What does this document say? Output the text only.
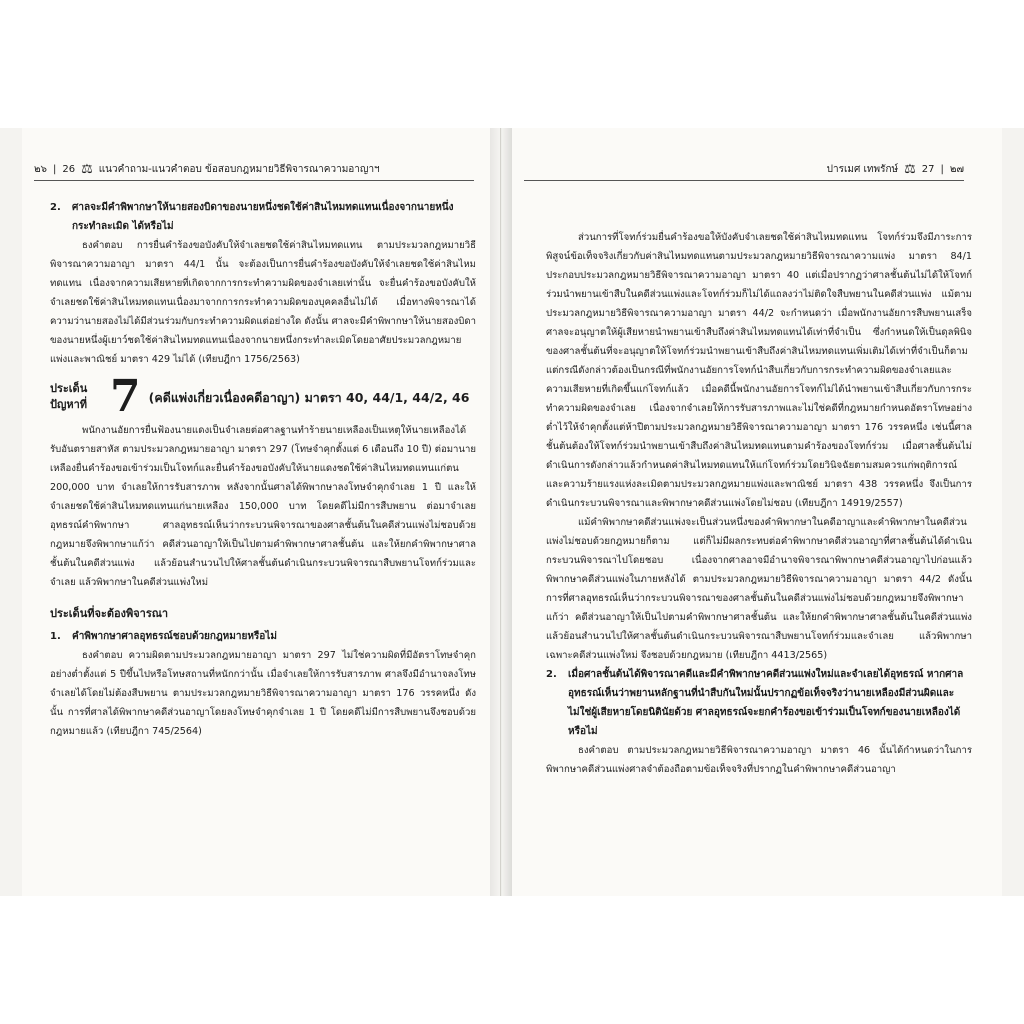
๒๖ | 26 ⚖ แนวคำถาม-แนวคำตอบ ข้อสอบกฎหมายวิธีพิจารณาความอาญาฯ
2.	ศาลจะมีคำพิพากษาให้นายสองบิดาของนายหนึ่งชดใช้ค่าสินไหมทดแทนเนื่องจากนายหนึ่งกระทำละเมิด ได้หรือไม่

ธงคำตอบ การยื่นคำร้องขอบังคับให้จำเลยชดใช้ค่าสินไหมทดแทน ตามประมวลกฎหมายวิธีพิจารณาความอาญา มาตรา 44/1 นั้น จะต้องเป็นการยื่นคำร้องขอบังคับให้จำเลยชดใช้ค่าสินไหมทดแทน เนื่องจากความเสียหายที่เกิดจากการกระทำความผิดของจำเลยเท่านั้น จะยื่นคำร้องขอบังคับให้จำเลยชดใช้ค่าสินไหมทดแทนเนื่องมาจากการกระทำความผิดของบุคคลอื่นไม่ได้ เมื่อทางพิจารณาได้ความว่านายสองไม่ได้มีส่วนร่วมกับกระทำความผิดแต่อย่างใด ดังนั้น ศาลจะมีคำพิพากษาให้นายสองบิดาของนายหนึ่งผู้เยาว์ชดใช้ค่าสินไหมทดแทนเนื่องจากนายหนึ่งกระทำละเมิดโดยอาศัยประมวลกฎหมายแพ่งและพาณิชย์ มาตรา 429 ไม่ได้ (เทียบฎีกา 1756/2563)

ประเด็น
ปัญหาที่ 7 (คดีแพ่งเกี่ยวเนื่องคดีอาญา) มาตรา 40, 44/1, 44/2, 46

พนักงานอัยการยื่นฟ้องนายแดงเป็นจำเลยต่อศาลฐานทำร้ายนายเหลืองเป็นเหตุให้นายเหลืองได้รับอันตรายสาหัส ตามประมวลกฎหมายอาญา มาตรา 297 (โทษจำคุกตั้งแต่ 6 เดือนถึง 10 ปี) ต่อมานายเหลืองยื่นคำร้องขอเข้าร่วมเป็นโจทก์และยื่นคำร้องขอบังคับให้นายแดงชดใช้ค่าสินไหมทดแทนแก่ตน 200,000 บาท จำเลยให้การรับสารภาพ หลังจากนั้นศาลได้พิพากษาลงโทษจำคุกจำเลย 1 ปี และให้จำเลยชดใช้ค่าสินไหมทดแทนแก่นายเหลือง 150,000 บาท โดยคดีไม่มีการสืบพยาน ต่อมาจำเลยอุทธรณ์คำพิพากษา ศาลอุทธรณ์เห็นว่ากระบวนพิจารณาของศาลชั้นต้นในคดีส่วนแพ่งไม่ชอบด้วยกฎหมายจึงพิพากษาแก้ว่า คดีส่วนอาญาให้เป็นไปตามคำพิพากษาศาลชั้นต้น และให้ยกคำพิพากษาศาลชั้นต้นในคดีส่วนแพ่ง แล้วย้อนสำนวนไปให้ศาลชั้นต้นดำเนินกระบวนพิจารณาสืบพยานโจทก์ร่วมและจำเลย แล้วพิพากษาในคดีส่วนแพ่งใหม่

ประเด็นที่จะต้องพิจารณา
1.	คำพิพากษาศาลอุทธรณ์ชอบด้วยกฎหมายหรือไม่

ธงคำตอบ ความผิดตามประมวลกฎหมายอาญา มาตรา 297 ไม่ใช่ความผิดที่มีอัตราโทษจำคุกอย่างต่ำตั้งแต่ 5 ปีขึ้นไปหรือโทษสถานที่หนักกว่านั้น เมื่อจำเลยให้การรับสารภาพ ศาลจึงมีอำนาจลงโทษจำเลยได้โดยไม่ต้องสืบพยาน ตามประมวลกฎหมายวิธีพิจารณาความอาญา มาตรา 176 วรรคหนึ่ง ดังนั้น การที่ศาลได้พิพากษาคดีส่วนอาญาโดยลงโทษจำคุกจำเลย 1 ปี โดยคดีไม่มีการสืบพยานจึงชอบด้วยกฎหมายแล้ว (เทียบฎีกา 745/2564)

ปารเมศ เทพรักษ์ ⚖ 27 | ๒๗

ส่วนการที่โจทก์ร่วมยื่นคำร้องขอให้บังคับจำเลยชดใช้ค่าสินไหมทดแทน โจทก์ร่วมจึงมีภาระการพิสูจน์ข้อเท็จจริงเกี่ยวกับค่าสินไหมทดแทนตามประมวลกฎหมายวิธีพิจารณาความแพ่ง มาตรา 84/1 ประกอบประมวลกฎหมายวิธีพิจารณาความอาญา มาตรา 40 แต่เมื่อปรากฏว่าศาลชั้นต้นไม่ได้ให้โจทก์ร่วมนำพยานเข้าสืบในคดีส่วนแพ่งและโจทก์ร่วมก็ไม่ได้แถลงว่าไม่ติดใจสืบพยานในคดีส่วนแพ่ง แม้ตามประมวลกฎหมายวิธีพิจารณาความอาญา มาตรา 44/2 จะกำหนดว่า เมื่อพนักงานอัยการสืบพยานเสร็จ ศาลจะอนุญาตให้ผู้เสียหายนำพยานเข้าสืบถึงค่าสินไหมทดแทนได้เท่าที่จำเป็น ซึ่งกำหนดให้เป็นดุลพินิจของศาลชั้นต้นที่จะอนุญาตให้โจทก์ร่วมนำพยานเข้าสืบถึงค่าสินไหมทดแทนเพิ่มเติมได้เท่าที่จำเป็นก็ตาม แต่กรณีดังกล่าวต้องเป็นกรณีที่พนักงานอัยการโจทก์นำสืบเกี่ยวกับการกระทำความผิดของจำเลยและความเสียหายที่เกิดขึ้นแก่โจทก์แล้ว เมื่อคดีนี้พนักงานอัยการโจทก์ไม่ได้นำพยานเข้าสืบเกี่ยวกับการกระทำความผิดของจำเลย เนื่องจากจำเลยให้การรับสารภาพและไม่ใช่คดีที่กฎหมายกำหนดอัตราโทษอย่างต่ำไว้ให้จำคุกตั้งแต่ห้าปีตามประมวลกฎหมายวิธีพิจารณาความอาญา มาตรา 176 วรรคหนึ่ง เช่นนี้ศาลชั้นต้นต้องให้โจทก์ร่วมนำพยานเข้าสืบถึงค่าสินไหมทดแทนตามคำร้องของโจทก์ร่วม เมื่อศาลชั้นต้นไม่ดำเนินการดังกล่าวแล้วกำหนดค่าสินไหมทดแทนให้แก่โจทก์ร่วมโดยวินิจฉัยตามสมควรแก่พฤติการณ์และความร้ายแรงแห่งละเมิดตามประมวลกฎหมายแพ่งและพาณิชย์ มาตรา 438 วรรคหนึ่ง จึงเป็นการดำเนินกระบวนพิจารณาและพิพากษาคดีส่วนแพ่งโดยไม่ชอบ (เทียบฎีกา 14919/2557)

แม้คำพิพากษาคดีส่วนแพ่งจะเป็นส่วนหนึ่งของคำพิพากษาในคดีอาญาและคำพิพากษาในคดีส่วนแพ่งไม่ชอบด้วยกฎหมายก็ตาม แต่ก็ไม่มีผลกระทบต่อคำพิพากษาคดีส่วนอาญาที่ศาลชั้นต้นได้ดำเนินกระบวนพิจารณาไปโดยชอบ เนื่องจากศาลอาจมีอำนาจพิจารณาพิพากษาคดีส่วนอาญาไปก่อนแล้วพิพากษาคดีส่วนแพ่งในภายหลังได้ ตามประมวลกฎหมายวิธีพิจารณาความอาญา มาตรา 44/2 ดังนั้น การที่ศาลอุทธรณ์เห็นว่ากระบวนพิจารณาของศาลชั้นต้นในคดีส่วนแพ่งไม่ชอบด้วยกฎหมายจึงพิพากษาแก้ว่า คดีส่วนอาญาให้เป็นไปตามคำพิพากษาศาลชั้นต้น และให้ยกคำพิพากษาศาลชั้นต้นในคดีส่วนแพ่ง แล้วย้อนสำนวนไปให้ศาลชั้นต้นดำเนินกระบวนพิจารณาสืบพยานโจทก์ร่วมและจำเลย แล้วพิพากษาเฉพาะคดีส่วนแพ่งใหม่ จึงชอบด้วยกฎหมาย (เทียบฎีกา 4413/2565)

2.	เมื่อศาลชั้นต้นได้พิจารณาคดีและมีคำพิพากษาคดีส่วนแพ่งใหม่และจำเลยได้อุทธรณ์ หากศาลอุทธรณ์เห็นว่าพยานหลักฐานที่นำสืบกันใหม่นั้นปรากฏข้อเท็จจริงว่านายเหลืองมีส่วนผิดและไม่ใช่ผู้เสียหายโดยนิตินัยด้วย ศาลอุทธรณ์จะยกคำร้องขอเข้าร่วมเป็นโจทก์ของนายเหลืองได้หรือไม่

ธงคำตอบ ตามประมวลกฎหมายวิธีพิจารณาความอาญา มาตรา 46 นั้นได้กำหนดว่าในการพิพากษาคดีส่วนแพ่งศาลจำต้องถือตามข้อเท็จจริงที่ปรากฏในคำพิพากษาคดีส่วนอาญา
